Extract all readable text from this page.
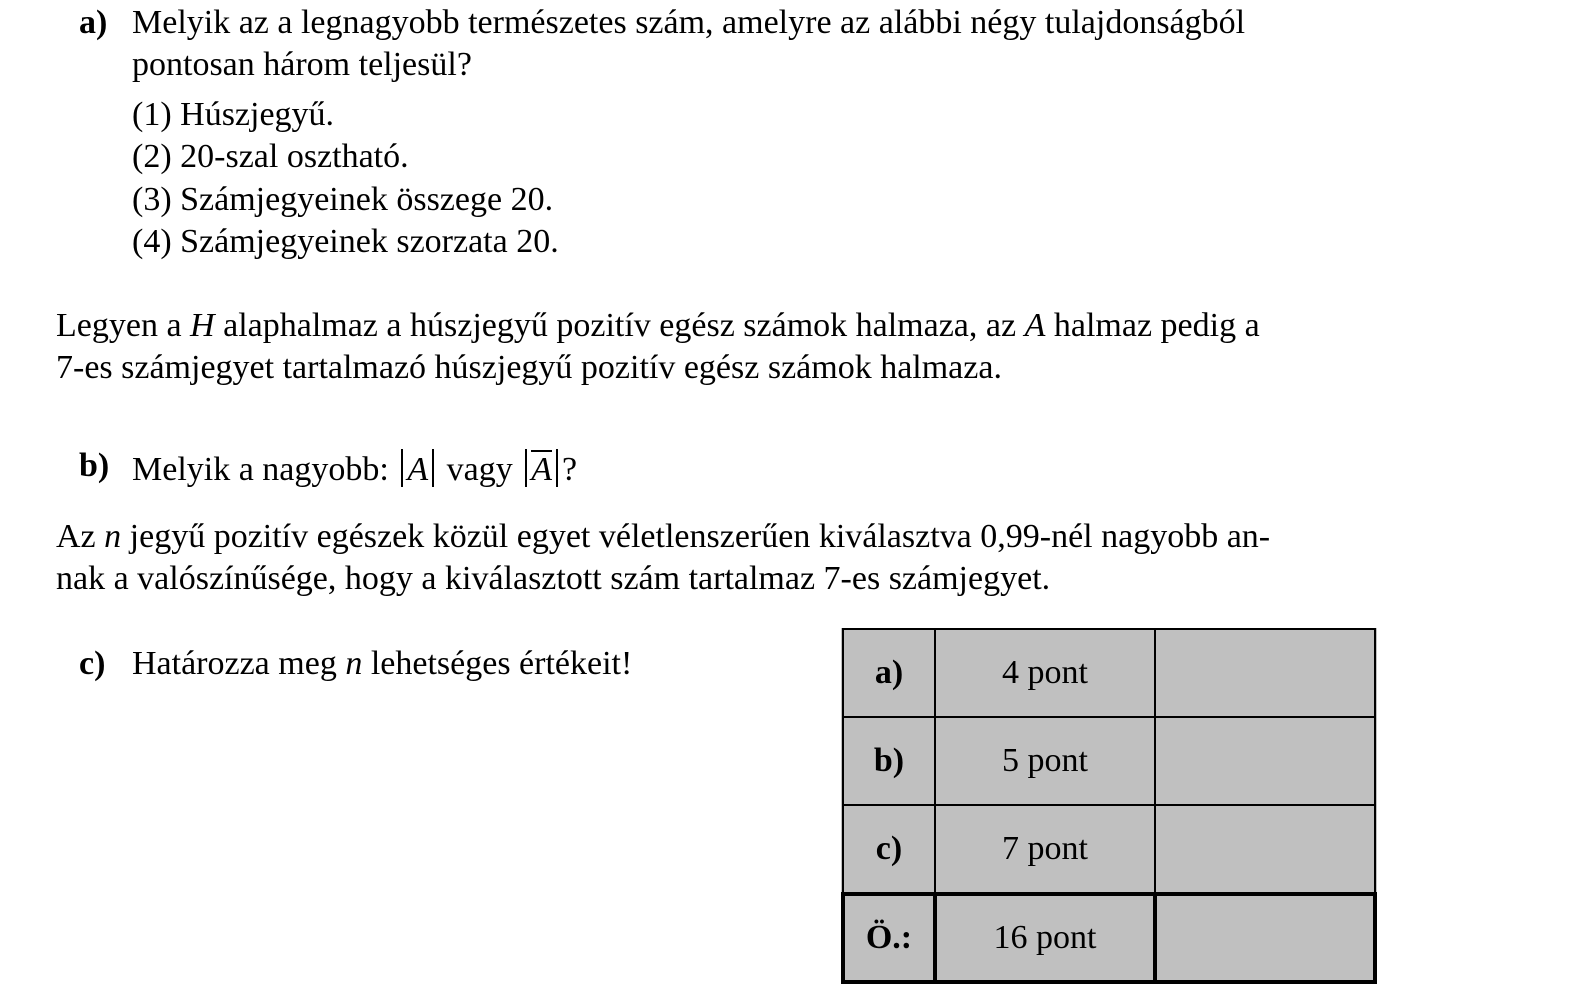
a) Melyik az a legnagyobb természetes szám, amelyre az alábbi négy tulajdonságból
pontosan három teljesül?
(1) Húszjegyű.
(2) 20-szal osztható.
(3) Számjegyeinek összege 20.
(4) Számjegyeinek szorzata 20.
Legyen a H alaphalmaz a húszjegyű pozitív egész számok halmaza, az A halmaz pedig a
7-es számjegyet tartalmazó húszjegyű pozitív egész számok halmaza.
b) Melyik a nagyobb: A vagy A ?
Az n jegyű pozitív egészek közül egyet véletlenszerűen kiválasztva 0,99-nél nagyobb an-
nak a valószínűsége, hogy a kiválasztott szám tartalmaz 7-es számjegyet.
c) Határozza meg n lehetséges értékeit!	a)	4 pont	
b)	5 pont	
c)	7 pont	
Ö.:	16 pont	
